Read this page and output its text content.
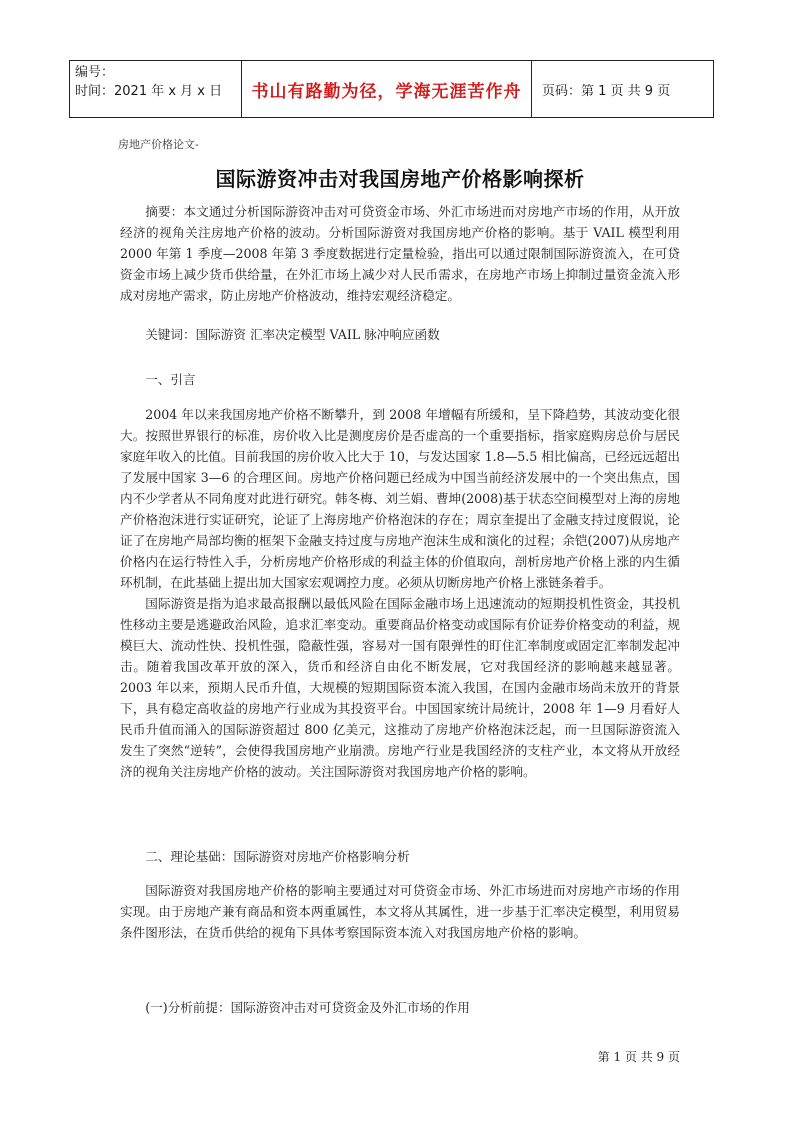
编号：
时间：2021 年 x 月 x 日	书山有路勤为径，学海无涯苦作舟 页码：第 1 页 共 9 页
房地产价格论文-
国际游资冲击对我国房地产价格影响探析

摘要：本文通过分析国际游资冲击对可贷资金市场、外汇市场进而对房地产市场的作用，从开放经济的视角关注房地产价格的波动。分析国际游资对我国房地产价格的影响。基于 VAIL 模型利用 2000 年第 1 季度—2008 年第 3 季度数据进行定量检验，指出可以通过限制国际游资流入，在可贷资金市场上减少货币供给量，在外汇市场上减少对人民币需求，在房地产市场上抑制过量资金流入形成对房地产需求，防止房地产价格波动，维持宏观经济稳定。

关键词：国际游资 汇率决定模型 VAIL 脉冲响应函数

一、引言

2004 年以来我国房地产价格不断攀升，到 2008 年增幅有所缓和，呈下降趋势，其波动变化很大。按照世界银行的标准，房价收入比是测度房价是否虚高的一个重要指标，指家庭购房总价与居民家庭年收入的比值。目前我国的房价收入比大于 10，与发达国家 1.8—5.5 相比偏高，已经远远超出了发展中国家 3—6 的合理区间。房地产价格问题已经成为中国当前经济发展中的一个突出焦点，国内不少学者从不同角度对此进行研究。韩冬梅、刘兰娟、曹坤(2008)基于状态空间模型对上海的房地产价格泡沫进行实证研究，论证了上海房地产价格泡沫的存在；周京奎提出了金融支持过度假说，论证了在房地产局部均衡的框架下金融支持过度与房地产泡沫生成和演化的过程；余铠(2007)从房地产价格内在运行特性入手，分析房地产价格形成的利益主体的价值取向，剖析房地产价格上涨的内生循环机制，在此基础上提出加大国家宏观调控力度。必须从切断房地产价格上涨链条着手。

国际游资是指为追求最高报酬以最低风险在国际金融市场上迅速流动的短期投机性资金，其投机性移动主要是逃避政治风险，追求汇率变动。重要商品价格变动或国际有价证券价格变动的利益，规模巨大、流动性快、投机性强，隐蔽性强，容易对一国有限弹性的盯住汇率制度或固定汇率制发起冲击。随着我国改革开放的深入，货币和经济自由化不断发展，它对我国经济的影响越来越显著。2003 年以来，预期人民币升值，大规模的短期国际资本流入我国，在国内金融市场尚未放开的背景下，具有稳定高收益的房地产行业成为其投资平台。中国国家统计局统计，2008 年 1—9 月看好人民币升值而涌入的国际游资超过 800 亿美元，这推动了房地产价格泡沫泛起，而一旦国际游资流入发生了突然“逆转”，会使得我国房地产业崩溃。房地产行业是我国经济的支柱产业，本文将从开放经济的视角关注房地产价格的波动。关注国际游资对我国房地产价格的影响。

二、理论基础：国际游资对房地产价格影响分析

国际游资对我国房地产价格的影响主要通过对可贷资金市场、外汇市场进而对房地产市场的作用实现。由于房地产兼有商品和资本两重属性，本文将从其属性，进一步基于汇率决定模型，利用贸易条件图形法，在货币供给的视角下具体考察国际资本流入对我国房地产价格的影响。

(一)分析前提：国际游资冲击对可贷资金及外汇市场的作用

第 1 页 共 9 页
